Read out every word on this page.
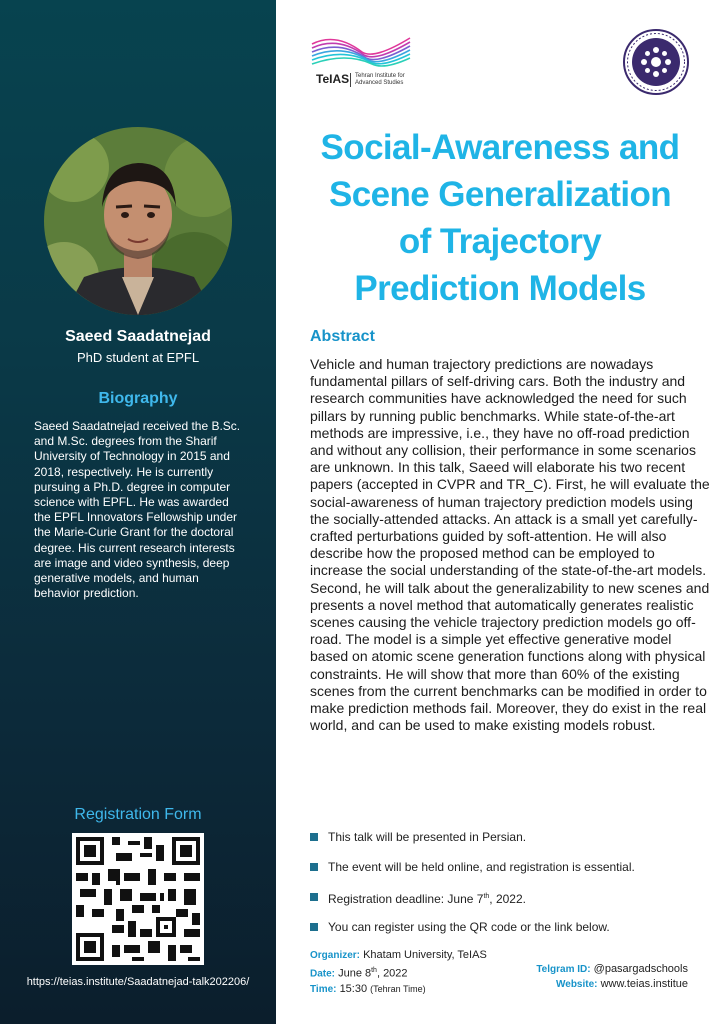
Saeed Saadatnejad
PhD student at EPFL
Biography
Saeed Saadatnejad received the B.Sc. and M.Sc. degrees from the Sharif University of Technology in 2015 and 2018, respectively. He is currently pursuing a Ph.D. degree in computer science with EPFL. He was awarded the EPFL Innovators Fellowship under the Marie-Curie Grant for the doctoral degree. His current research interests are image and video synthesis, deep generative models, and human behavior prediction.
Registration Form
https://teias.institute/Saadatnejad-talk202206/
TeIAS Tehran Institute for
Advanced Studies
Social-Awareness and
Scene Generalization
of Trajectory
Prediction Models
Abstract
Vehicle and human trajectory predictions are nowadays fundamental pillars of self-driving cars. Both the industry and research communities have acknowledged the need for such pillars by running public benchmarks. While state-of-the-art methods are impressive, i.e., they have no off-road prediction and without any collision, their performance in some scenarios are unknown. In this talk, Saeed will elaborate his two recent papers (accepted in CVPR and TR_C). First, he will evaluate the social-awareness of human trajectory prediction models using the socially-attended attacks. An attack is a small yet carefully-crafted perturbations guided by soft-attention. He will also describe how the proposed method can be employed to increase the social understanding of the state-of-the-art models. Second, he will talk about the generalizability to new scenes and presents a novel method that automatically generates realistic scenes causing the vehicle trajectory prediction models go off-road. The model is a simple yet effective generative model based on atomic scene generation functions along with physical constraints. He will show that more than 60% of the existing scenes from the current benchmarks can be modified in order to make prediction methods fail. Moreover, they do exist in the real world, and can be used to make existing models robust.
This talk will be presented in Persian.
The event will be held online, and registration is essential.
Registration deadline: June 7th, 2022.
You can register using the QR code or the link below.
Organizer: Khatam University, TeIAS
Date: June 8th, 2022
Time: 15:30 (Tehran Time)
Telgram ID: @pasargadschools
Website: www.teias.institue
